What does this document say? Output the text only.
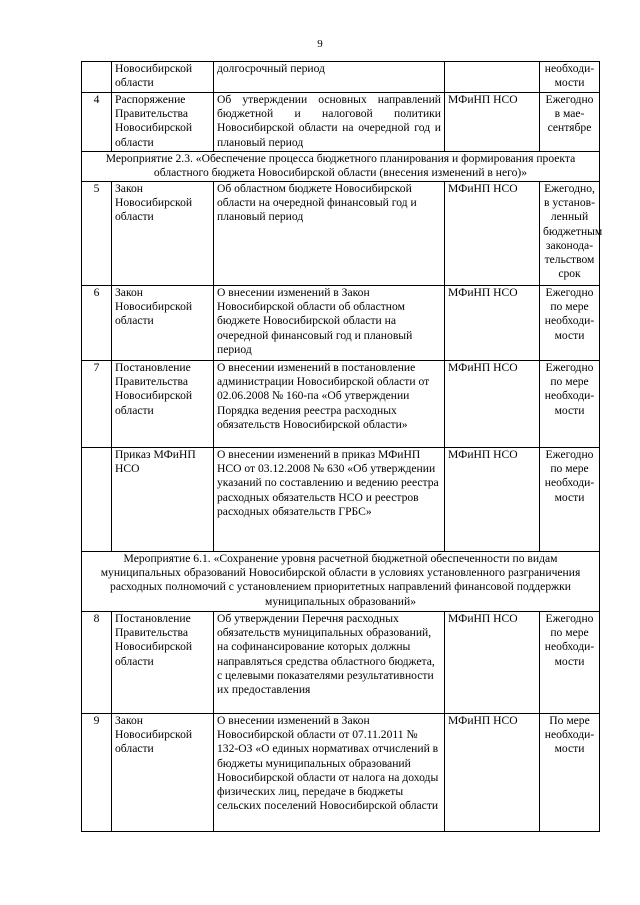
9
	Новосибирской области	долгосрочный период		необходи-мости
4	Распоряжение Правительства Новосибирской области	Об утверждении основных направлений бюджетной и налоговой политики Новосибирской области на очередной год и плановый период	МФиНП НСО	Ежегодно в мае-сентябре
Мероприятие 2.3. «Обеспечение процесса бюджетного планирования и формирования проекта областного бюджета Новосибирской области (внесения изменений в него)»				
5	Закон Новосибирской области	Об областном бюджете Новосибирской области на очередной финансовый год и плановый период	МФиНП НСО	Ежегодно, в установ-ленный бюджетным законода-тельством срок
6	Закон Новосибирской области	О внесении изменений в Закон Новосибирской области об областном бюджете Новосибирской области на очередной финансовый год и плановый период	МФиНП НСО	Ежегодно по мере необходи-мости
7	Постановление Правительства Новосибирской области	О внесении изменений в постановление администрации Новосибирской области от 02.06.2008 № 160-па «Об утверждении Порядка ведения реестра расходных обязательств Новосибирской области»	МФиНП НСО	Ежегодно по мере необходи-мости
	Приказ МФиНП НСО	О внесении изменений в приказ МФиНП НСО от 03.12.2008 № 630 «Об утверждении указаний по составлению и ведению реестра расходных обязательств НСО и реестров расходных обязательств ГРБС»	МФиНП НСО	Ежегодно по мере необходи-мости
Мероприятие 6.1. «Сохранение уровня расчетной бюджетной обеспеченности по видам муниципальных образований Новосибирской области в условиях установленного разграничения расходных полномочий с установлением приоритетных направлений финансовой поддержки муниципальных образований»				
8	Постановление Правительства Новосибирской области	Об утверждении Перечня расходных обязательств муниципальных образований, на софинансирование которых должны направляться средства областного бюджета, с целевыми показателями результативности их предоставления	МФиНП НСО	Ежегодно по мере необходи-мости
9	Закон Новосибирской области	О внесении изменений в Закон Новосибирской области от 07.11.2011 № 132-ОЗ «О единых нормативах отчислений в бюджеты муниципальных образований Новосибирской области от налога на доходы физических лиц, передаче в бюджеты сельских поселений Новосибирской области	МФиНП НСО	По мере необходи-мости
